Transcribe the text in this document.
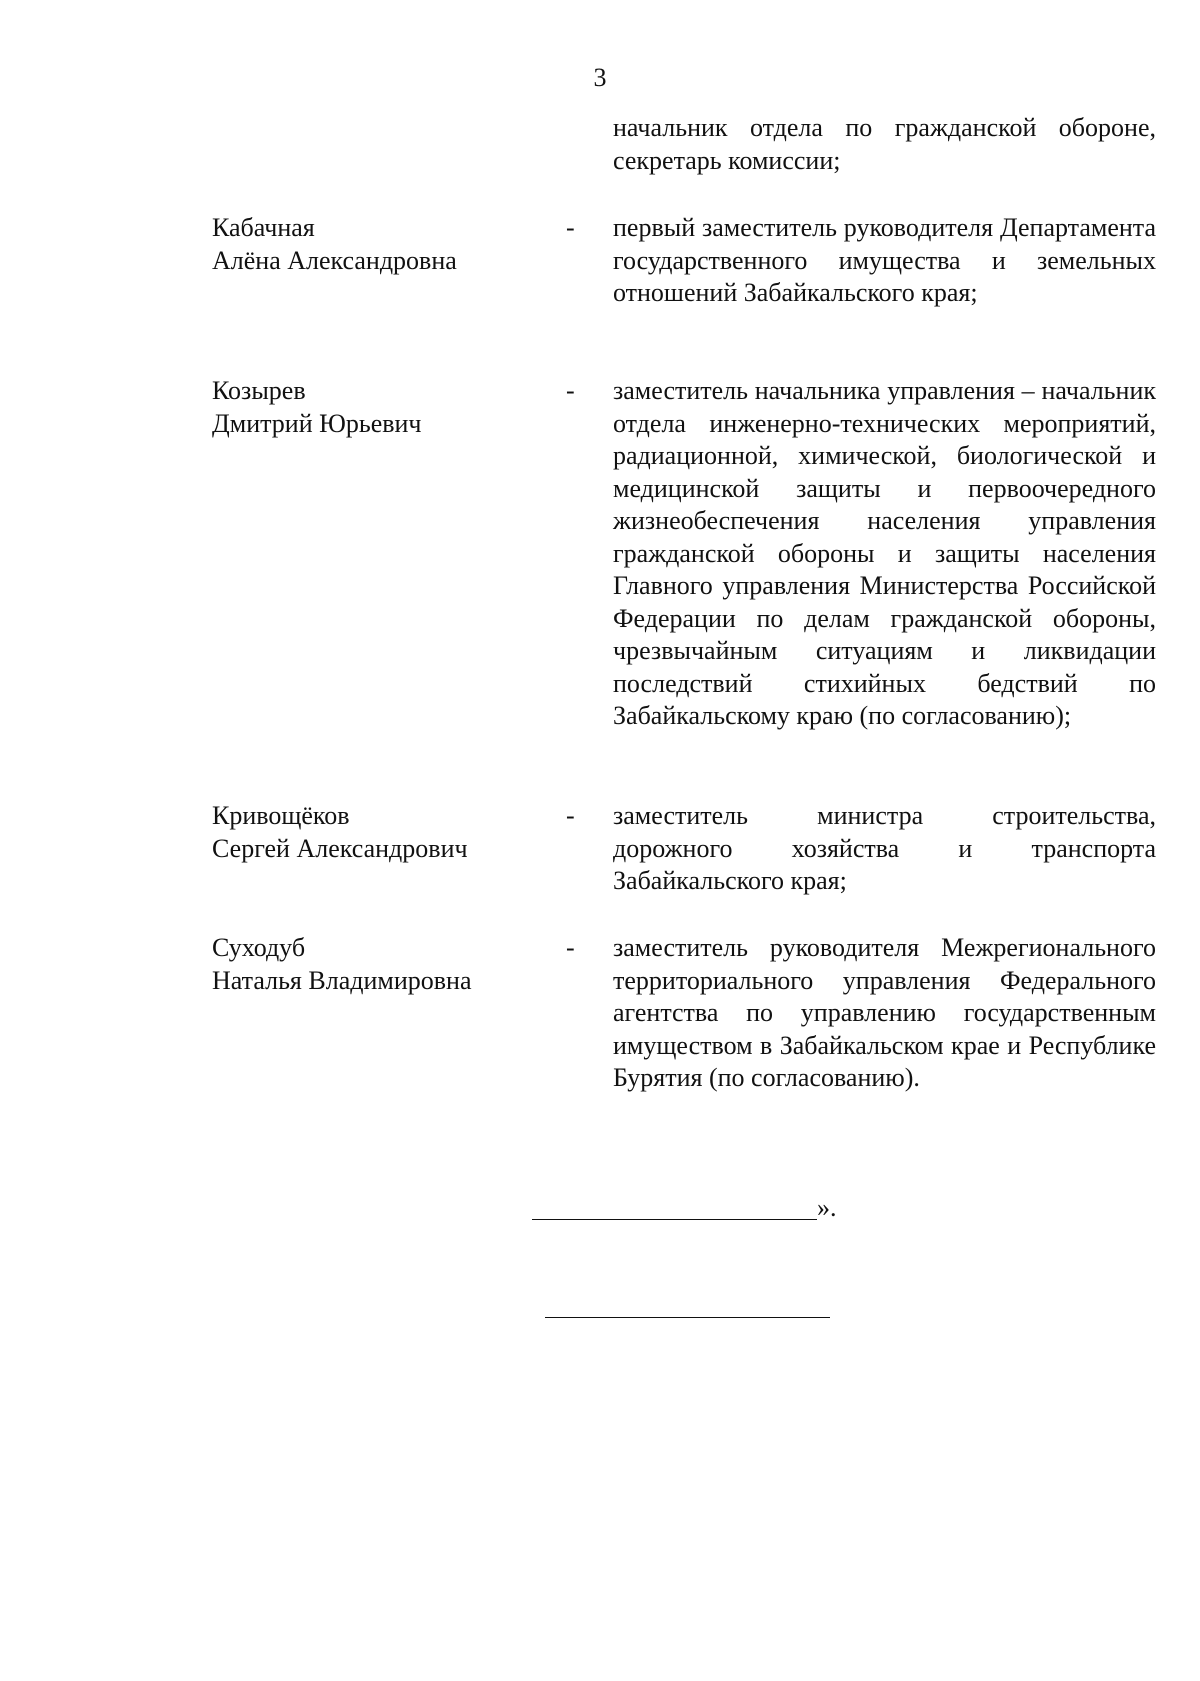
3

начальник отдела по гражданской обороне, секретарь комиссии;

Кабачная
Алёна Александровна
- первый заместитель руководителя Департамента государственного имущества и земельных отношений Забайкальского края;

Козырев
Дмитрий Юрьевич
- заместитель начальника управления – начальник отдела инженерно-технических мероприятий, радиационной, химической, биологической и медицинской защиты и первоочередного жизнеобеспечения населения управления гражданской обороны и защиты населения Главного управления Министерства Российской Федерации по делам гражданской обороны, чрезвычайным ситуациям и ликвидации последствий стихийных бедствий по Забайкальскому краю (по согласованию);

Кривощёков
Сергей Александрович
- заместитель министра строительства, дорожного хозяйства и транспорта Забайкальского края;

Суходуб
Наталья Владимировна
- заместитель руководителя Межрегионального территориального управления Федерального агентства по управлению государственным имуществом в Забайкальском крае и Республике Бурятия (по согласованию).

».
